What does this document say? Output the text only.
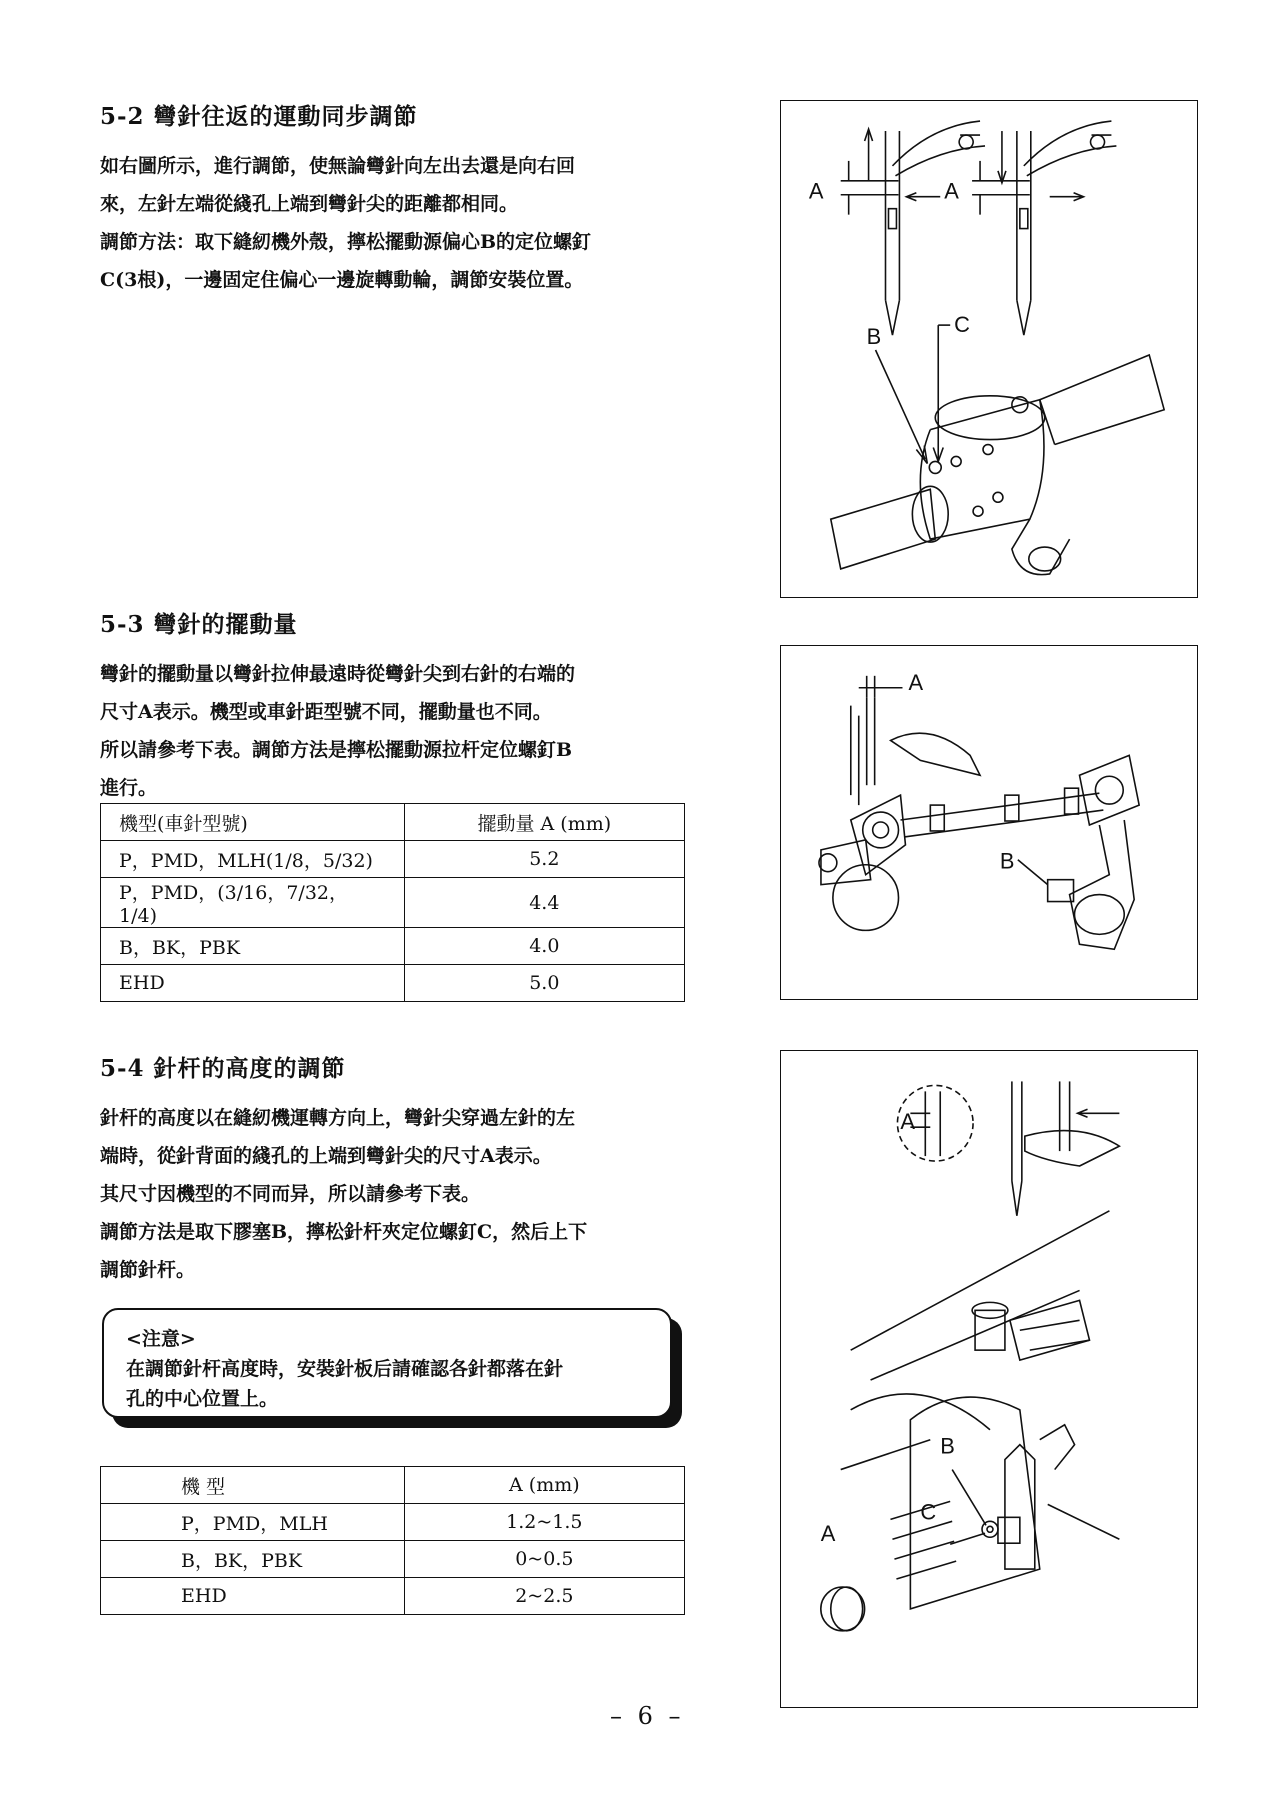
5-2 彎針往返的運動同步調節

如右圖所示，進行調節，使無論彎針向左出去還是向右回

來，左針左端從綫孔上端到彎針尖的距離都相同。

調節方法：取下縫紉機外殼，擰松擺動源偏心B的定位螺釘

C(3根)，一邊固定住偏心一邊旋轉動輪，調節安裝位置。

5-3 彎針的擺動量

彎針的擺動量以彎針拉伸最遠時從彎針尖到右針的右端的

尺寸A表示。機型或車針距型號不同，擺動量也不同。

所以請參考下表。調節方法是擰松擺動源拉杆定位螺釘B

進行。

機型(車針型號)	擺動量 A (mm)
P，PMD，MLH(1/8，5/32)	5.2
P，PMD，(3/16，7/32，1/4)	4.4
B，BK，PBK	4.0
EHD	5.0
5-4 針杆的高度的調節

針杆的高度以在縫紉機運轉方向上，彎針尖穿過左針的左

端時，從針背面的綫孔的上端到彎針尖的尺寸A表示。

其尺寸因機型的不同而异，所以請參考下表。

調節方法是取下膠塞B，擰松針杆夾定位螺釘C，然后上下

調節針杆。

<注意>
在調節針杆高度時，安裝針板后請確認各針都落在針
孔的中心位置上。
機 型	A (mm)
P，PMD，MLH	1.2~1.5
B，BK，PBK	0~0.5
EHD	2~2.5
A	A
B	C
A
B
A
B
C
A
– 6 –
